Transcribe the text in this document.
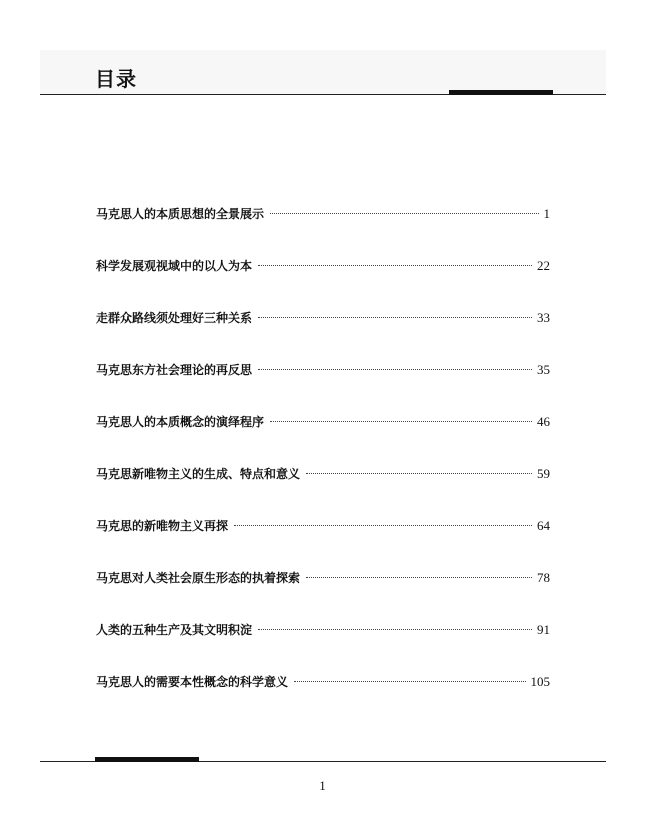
目录
马克思人的本质思想的全景展示	1
科学发展观视域中的以人为本	22
走群众路线须处理好三种关系	33
马克思东方社会理论的再反思	35
马克思人的本质概念的演绎程序	46
马克思新唯物主义的生成、特点和意义	59
马克思的新唯物主义再探	64
马克思对人类社会原生形态的执着探索	78
人类的五种生产及其文明积淀	91
马克思人的需要本性概念的科学意义	105
1
